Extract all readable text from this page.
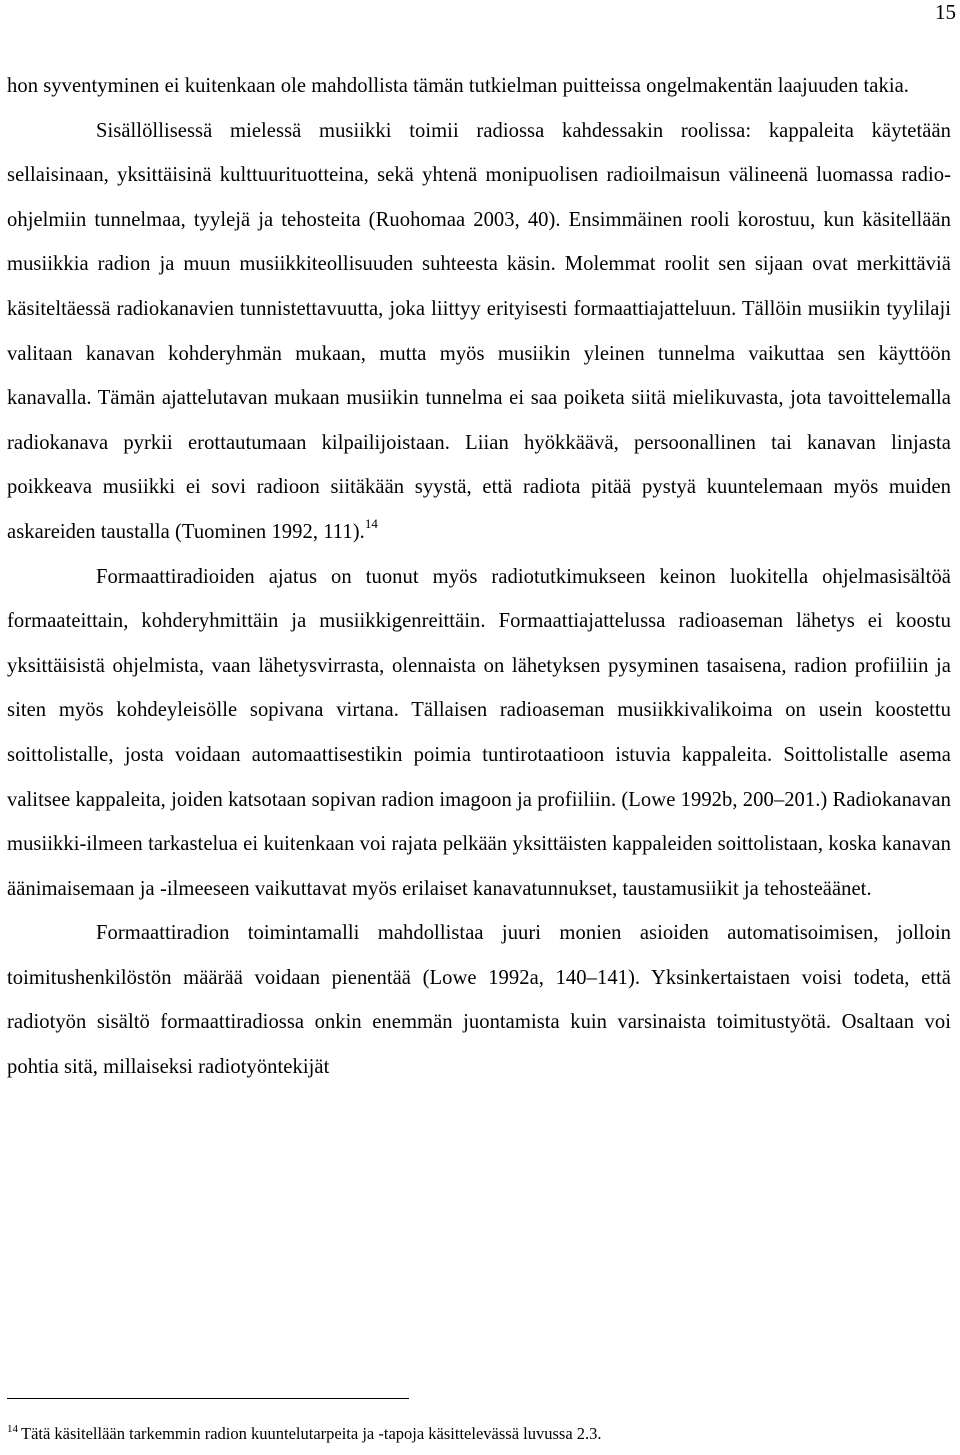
15

hon syventyminen ei kuitenkaan ole mahdollista tämän tutkielman puitteissa ongelmakentän laajuuden takia.

Sisällöllisessä mielessä musiikki toimii radiossa kahdessakin roolissa: kappaleita käytetään sellaisinaan, yksittäisinä kulttuurituotteina, sekä yhtenä monipuolisen radioilmaisun välineenä luomassa radio-ohjelmiin tunnelmaa, tyylejä ja tehosteita (Ruohomaa 2003, 40). Ensimmäinen rooli korostuu, kun käsitellään musiikkia radion ja muun musiikkiteollisuuden suhteesta käsin. Molemmat roolit sen sijaan ovat merkittäviä käsiteltäessä radiokanavien tunnistettavuutta, joka liittyy erityisesti formaattiajatteluun. Tällöin musiikin tyylilaji valitaan kanavan kohderyhmän mukaan, mutta myös musiikin yleinen tunnelma vaikuttaa sen käyttöön kanavalla. Tämän ajattelutavan mukaan musiikin tunnelma ei saa poiketa siitä mielikuvasta, jota tavoittelemalla radiokanava pyrkii erottautumaan kilpailijoistaan. Liian hyökkäävä, persoonallinen tai kanavan linjasta poikkeava musiikki ei sovi radioon siitäkään syystä, että radiota pitää pystyä kuuntelemaan myös muiden askareiden taustalla (Tuominen 1992, 111).$^{14}$

Formaattiradioiden ajatus on tuonut myös radiotutkimukseen keinon luokitella ohjelmasisältöä formaateittain, kohderyhmittäin ja musiikkigenreittäin. Formaattiajattelussa radioaseman lähetys ei koostu yksittäisistä ohjelmista, vaan lähetysvirrasta, olennaista on lähetyksen pysyminen tasaisena, radion profiiliin ja siten myös kohdeyleisölle sopivana virtana. Tällaisen radioaseman musiikkivalikoima on usein koostettu soittolistalle, josta voidaan automaattisestikin poimia tuntirotaatioon istuvia kappaleita. Soittolistalle asema valitsee kappaleita, joiden katsotaan sopivan radion imagoon ja profiiliin. (Lowe 1992b, 200–201.) Radiokanavan musiikki-ilmeen tarkastelua ei kuitenkaan voi rajata pelkään yksittäisten kappaleiden soittolistaan, koska kanavan äänimaisemaan ja -ilmeeseen vaikuttavat myös erilaiset kanavatunnukset, taustamusiikit ja tehosteäänet.

Formaattiradion toimintamalli mahdollistaa juuri monien asioiden automatisoimisen, jolloin toimitushenkilöstön määrää voidaan pienentää (Lowe 1992a, 140–141). Yksinkertaistaen voisi todeta, että radiotyön sisältö formaattiradiossa onkin enemmän juontamista kuin varsinaista toimitustyötä. Osaltaan voi pohtia sitä, millaiseksi radiotyöntekijät

$^{14}$ Tätä käsitellään tarkemmin radion kuuntelutarpeita ja -tapoja käsittelevässä luvussa 2.3.
